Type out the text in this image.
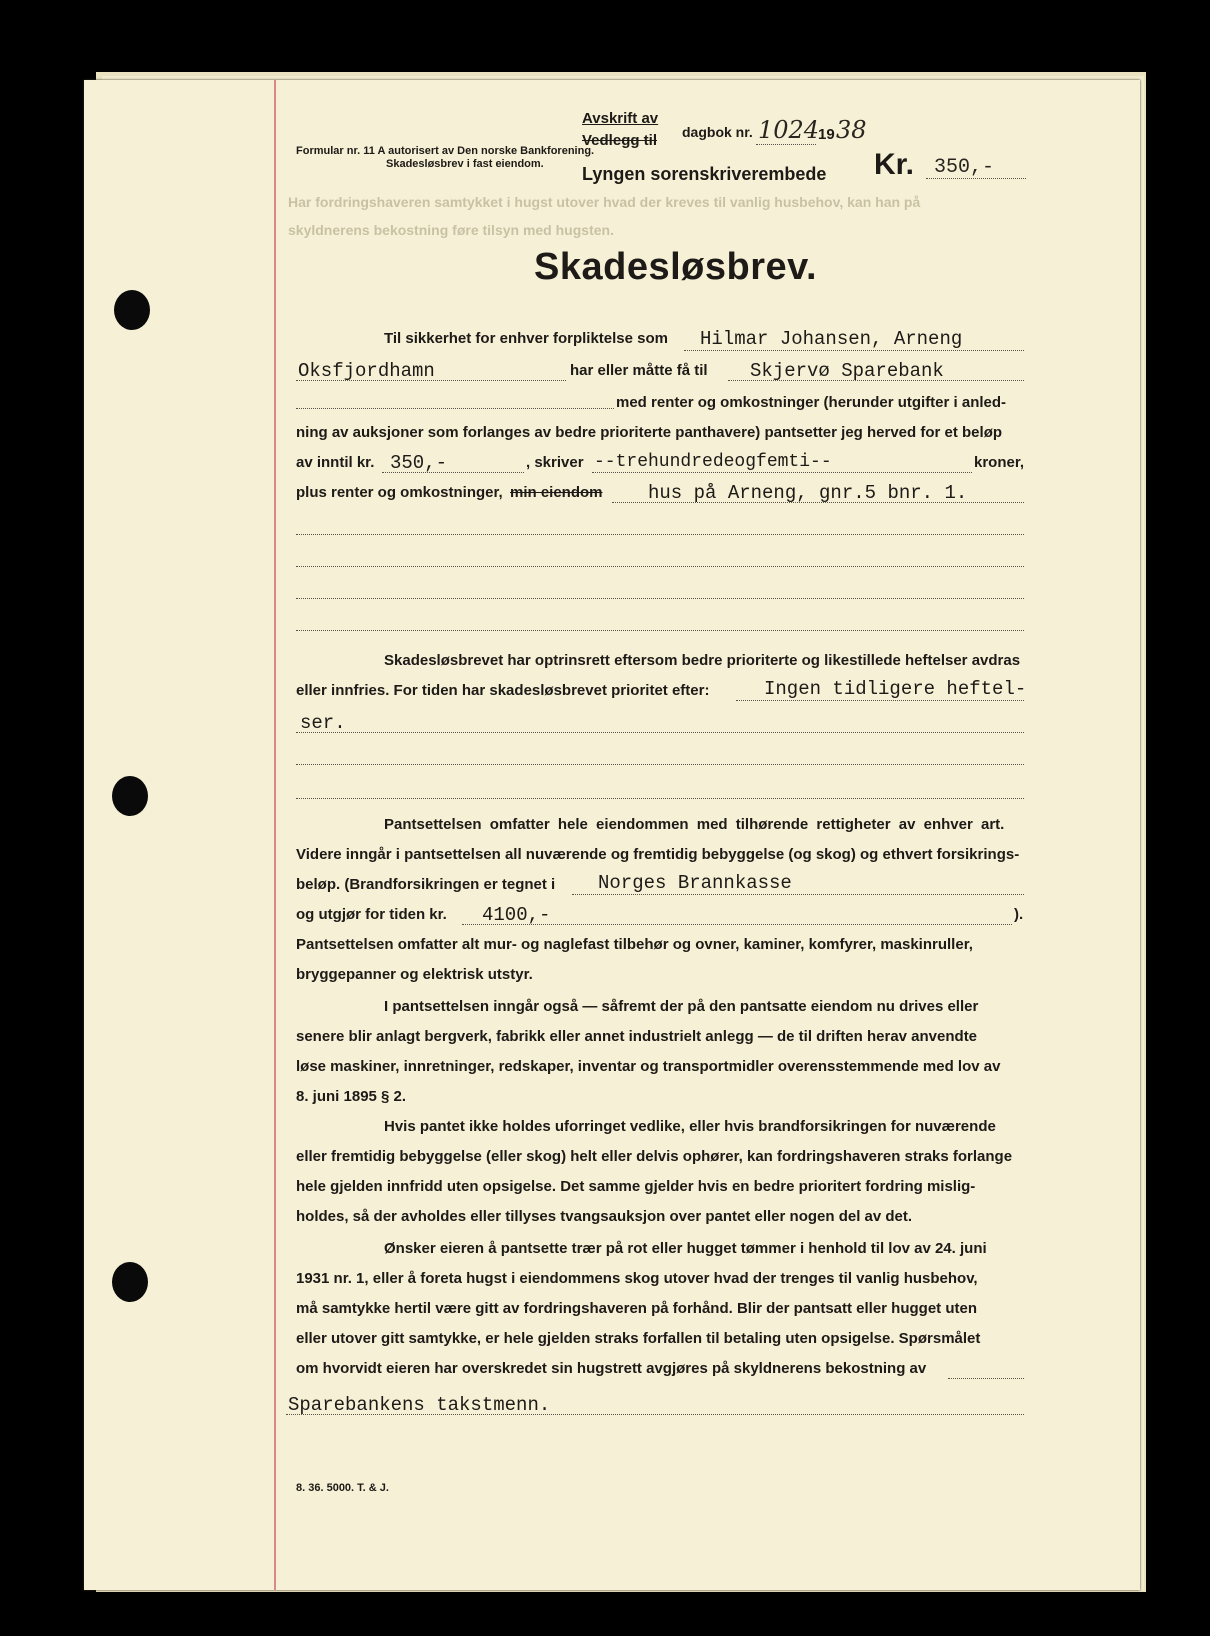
Har fordringshaveren samtykket i hugst utover hvad der kreves til vanlig husbehov, kan han på
skyldnerens bekostning føre tilsyn med hugsten.
Avskrift av
Vedlegg til dagbok nr. 1024
19 38
Formular nr. 11 A autorisert av Den norske Bankforening.
Skadesløsbrev i fast eiendom. Lyngen sorenskriverembede Kr. 350,-
Skadesløsbrev.
Til sikkerhet for enhver forpliktelse som Hilmar Johansen, Arneng
Oksfjordhamn	har eller måtte få til Skjervø Sparebank
med renter og omkostninger (herunder utgifter i anled-
ning av auksjoner som forlanges av bedre prioriterte panthavere) pantsetter jeg herved for et beløp
av inntil kr. 350,-	, skriver --trehundredeogfemti--	kroner,
plus renter og omkostninger, min eiendom hus på Arneng, gnr.5 bnr. 1.
Skadesløsbrevet har optrinsrett eftersom bedre prioriterte og likestillede heftelser avdras
eller innfries. For tiden har skadesløsbrevet prioritet efter:	Ingen tidligere heftel-
ser.
Pantsettelsen omfatter hele eiendommen med tilhørende rettigheter av enhver art.
Videre inngår i pantsettelsen all nuværende og fremtidig bebyggelse (og skog) og ethvert forsikrings-
beløp. (Brandforsikringen er tegnet i Norges Brannkasse
og utgjør for tiden kr. 4100,-	).
Pantsettelsen omfatter alt mur- og naglefast tilbehør og ovner, kaminer, komfyrer, maskinruller,
bryggepanner og elektrisk utstyr.
I pantsettelsen inngår også — såfremt der på den pantsatte eiendom nu drives eller
senere blir anlagt bergverk, fabrikk eller annet industrielt anlegg — de til driften herav anvendte
løse maskiner, innretninger, redskaper, inventar og transportmidler overensstemmende med lov av
8. juni 1895 § 2.
Hvis pantet ikke holdes uforringet vedlike, eller hvis brandforsikringen for nuværende
eller fremtidig bebyggelse (eller skog) helt eller delvis ophører, kan fordringshaveren straks forlange
hele gjelden innfridd uten opsigelse. Det samme gjelder hvis en bedre prioritert fordring mislig-
holdes, så der avholdes eller tillyses tvangsauksjon over pantet eller nogen del av det.
Ønsker eieren å pantsette trær på rot eller hugget tømmer i henhold til lov av 24. juni
1931 nr. 1, eller å foreta hugst i eiendommens skog utover hvad der trenges til vanlig husbehov,
må samtykke hertil være gitt av fordringshaveren på forhånd. Blir der pantsatt eller hugget uten
eller utover gitt samtykke, er hele gjelden straks forfallen til betaling uten opsigelse. Spørsmålet
om hvorvidt eieren har overskredet sin hugstrett avgjøres på skyldnerens bekostning av
Sparebankens takstmenn.
8. 36. 5000. T. & J.
